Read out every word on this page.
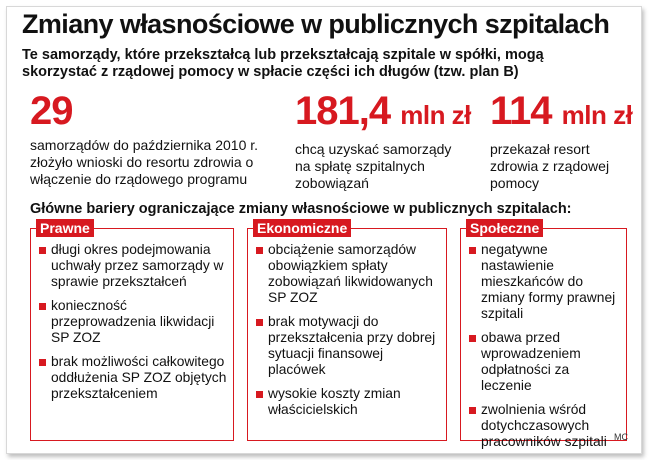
Zmiany własnościowe w publicznych szpitalach
Te samorządy, które przekształcą lub przekształcają szpitale w spółki, mogą skorzystać z rządowej pomocy w spłacie części ich długów (tzw. plan B)
29
samorządów do października 2010 r. złożyło wnioski do resortu zdrowia o włączenie do rządowego programu
181,4 mln zł
chcą uzyskać samorządy na spłatę szpitalnych zobowiązań
114 mln zł
przekazał resort zdrowia z rządowej pomocy
Główne bariery ograniczające zmiany własnościowe w publicznych szpitalach:
Prawne
długi okres podejmowania uchwały przez samorządy w sprawie przekształceń
konieczność przeprowadzenia likwidacji SP ZOZ
brak możliwości całkowitego oddłużenia SP ZOZ objętych przekształceniem
Ekonomiczne
obciążenie samorządów obowiązkiem spłaty zobowiązań likwidowanych SP ZOZ
brak motywacji do przekształcenia przy dobrej sytuacji finansowej placówek
wysokie koszty zmian właścicielskich
Społeczne
negatywne nastawienie mieszkańców do zmiany formy prawnej szpitali
obawa przed wprowadzeniem odpłatności za leczenie
zwolnienia wśród dotychczasowych pracowników szpitali MC
